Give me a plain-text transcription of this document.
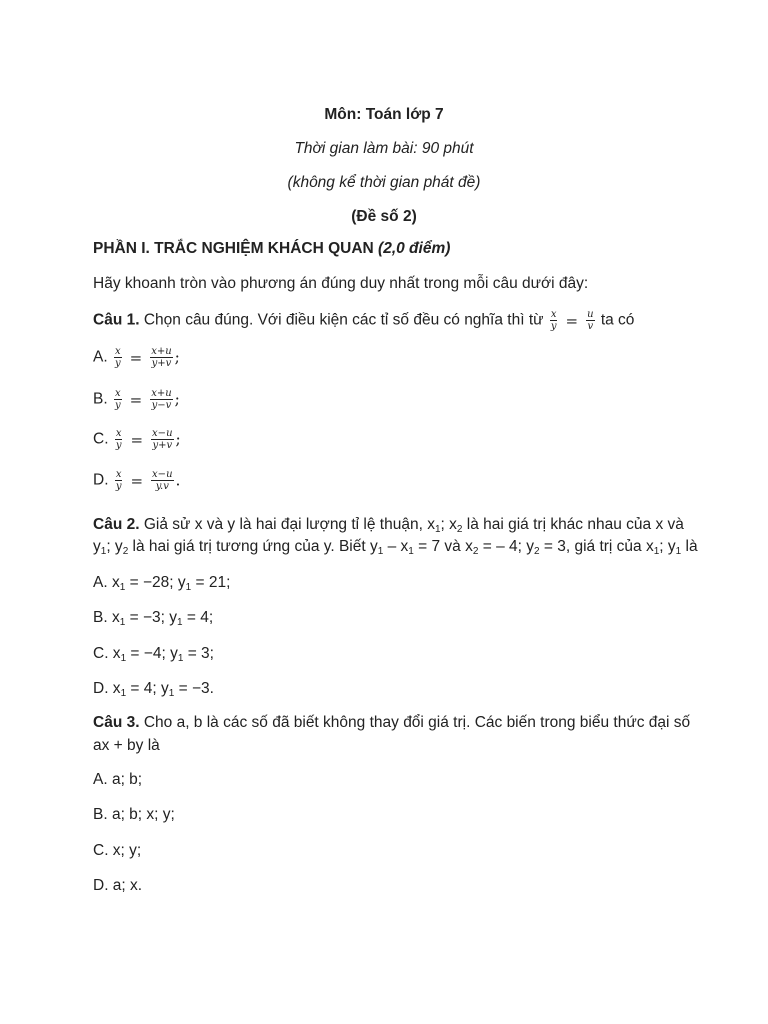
Môn: Toán lớp 7
Thời gian làm bài: 90 phút
(không kể thời gian phát đề)
(Đề số 2)
PHẦN I. TRẮC NGHIỆM KHÁCH QUAN (2,0 điểm)
Hãy khoanh tròn vào phương án đúng duy nhất trong mỗi câu dưới đây:
Câu 1. Chọn câu đúng. Với điều kiện các tỉ số đều có nghĩa thì từ $\frac{x}{y} = \frac{u}{v}$ ta có
A. $\frac{x}{y} = \frac{x+u}{y+v}$ ;
B. $\frac{x}{y} = \frac{x+u}{y-v}$ ;
C. $\frac{x}{y} = \frac{x-u}{y+v}$ ;
D. $\frac{x}{y} = \frac{x-u}{y.v}$ .
Câu 2. Giả sử x và y là hai đại lượng tỉ lệ thuận, $x_1$; $x_2$ là hai giá trị khác nhau của x và
$y_1$; $y_2$ là hai giá trị tương ứng của y. Biết $y_1 - x_1 = 7$ và $x_2$ = – 4; $y_2 = 3$, giá trị của $x_1$; $y_1$ là
A. $x_1 = -28$; $y_1 = 21$;
B. $x_1 = -3$; $y_1 = 4$;
C. $x_1 = -4$; $y_1 = 3$;
D. $x_1 = 4$; $y_1 = -3$.
Câu 3. Cho a, b là các số đã biết không thay đổi giá trị. Các biến trong biểu thức đại số
ax + by là
A. a; b;
B. a; b; x; y;
C. x; y;
D. a; x.
